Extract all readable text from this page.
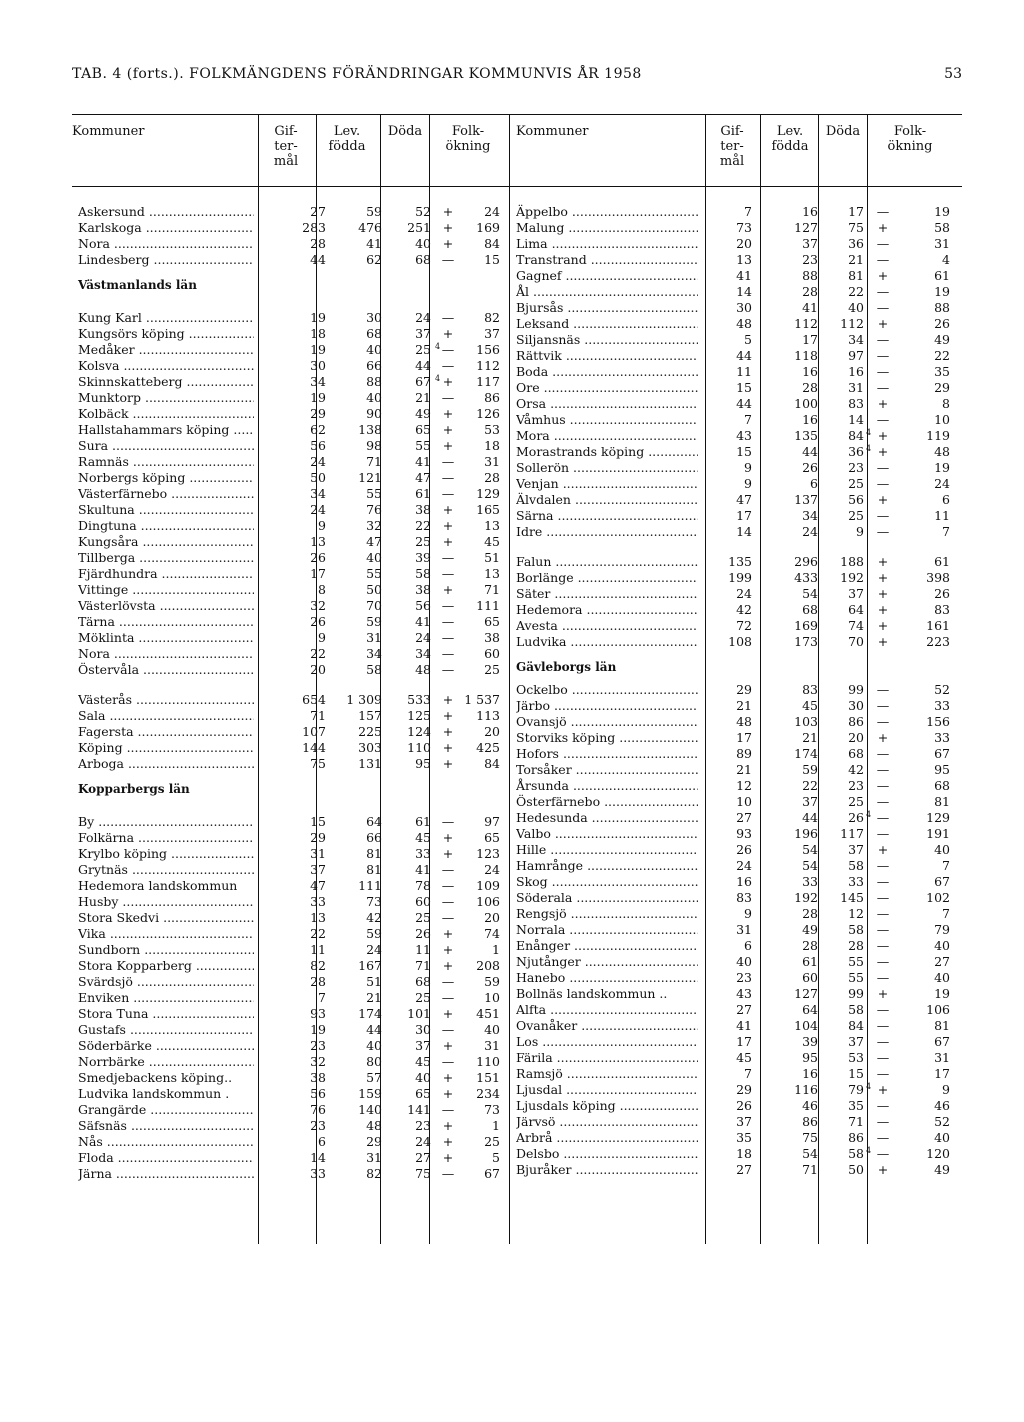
TAB. 4 (forts.). FOLKMÄNGDENS FÖRÄNDRINGAR KOMMUNVIS ÅR 1958	53
Kommuner	Gif-
ter-
mål
Lev.
födda
Döda	Folk-
ökning
Kommuner	Gif-
ter-
mål
Lev.
födda
Döda	Folk-
ökning
Askersund .....	27	59	52 +	24
Karlskoga .....	283	476	251 +	169
Nora .....	28	41	40 +	84
Lindesberg .....	44	62	68 —	15
Västmanlands län
Kung Karl .....	19	30	24 —	82
Kungsörs köping .....	18	68	37 +	37
Medåker .....	19	40	25 4 —	156
Kolsva .....	30	66	44 —	112
Skinnskatteberg .....	34	88	67 4 +	117
Munktorp .....	19	40	21 —	86
Kolbäck .....	29	90	49 +	126
Hallstahammars köping .....	62	138	65 +	53
Sura .....	56	98	55 +	18
Ramnäs .....	24	71	41 —	31
Norbergs köping .....	50	121	47 —	28
Västerfärnebo .....	34	55	61 —	129
Skultuna .....	24	76	38 +	165
Dingtuna .....	9	32	22 +	13
Kungsåra .....	13	47	25 +	45
Tillberga .....	26	40	39 —	51
Fjärdhundra .....	17	55	58 —	13
Vittinge .....	8	50	38 +	71
Västerlövsta .....	32	70	56 —	111
Tärna .....	26	59	41 —	65
Möklinta .....	9	31	24 —	38
Nora .....	22	34	34 —	60
Östervåla .....	20	58	48 —	25
Västerås .....	654	1 309	533 + 1 537
Sala .....	71	157	125 +	113
Fagersta .....	107	225	124 +	20
Köping .....	144	303	110 +	425
Arboga .....	75	131	95 +	84
Kopparbergs län
By .....	15	64	61 —	97
Folkärna .....	29	66	45 +	65
Krylbo köping .....	31	81	33 +	123
Grytnäs .....	37	81	41 —	24
Hedemora landskommun	47	111	78 —	109
Husby .....	33	73	60 —	106
Stora Skedvi .....	13	42	25 —	20
Vika .....	22	59	26 +	74
Sundborn .....	11	24	11 +	1
Stora Kopparberg .....	82	167	71 +	208
Svärdsjö .....	28	51	68 —	59
Enviken .....	7	21	25 —	10
Stora Tuna .....	93	174	101 +	451
Gustafs .....	19	44	30 —	40
Söderbärke .....	23	40	37 +	31
Norrbärke .....	32	80	45 —	110
Smedjebackens köping..	38	57	40 +	151
Ludvika landskommun .	56	159	65 +	234
Grangärde .....	76	140	141 —	73
Säfsnäs .....	23	48	23 +	1
Nås .....	6	29	24 +	25
Floda .....	14	31	27 +	5
Järna .....	33	82	75 —	67
Äppelbo .....	7	16	17	—	19
Malung .....	73	127	75	+	58
Lima .....	20	37	36	—	31
Transtrand .....	13	23	21	—	4
Gagnef .....	41	88	81	+	61
Ål .....	14	28	22	—	19
Bjursås .....	30	41	40	—	88
Leksand .....	48	112	112	+	26
Siljansnäs .....	5	17	34	—	49
Rättvik .....	44	118	97	—	22
Boda .....	11	16	16	—	35
Ore .....	15	28	31	—	29
Orsa .....	44	100	83	+	8
Våmhus .....	7	16	14	—	10
Mora .....	43	135	84 4 +	119
Morastrands köping .....	15	44	36 4 +	48
Sollerön .....	9	26	23	—	19
Venjan .....	9	6	25	—	24
Älvdalen .....	47	137	56	+	6
Särna .....	17	34	25	—	11
Idre .....	14	24	9	—	7
Falun .....	135	296	188	+	61
Borlänge .....	199	433	192	+	398
Säter .....	24	54	37	+	26
Hedemora .....	42	68	64	+	83
Avesta .....	72	169	74	+	161
Ludvika .....	108	173	70	+	223
Gävleborgs län
Ockelbo .....	29	83	99	—	52
Järbo .....	21	45	30	—	33
Ovansjö .....	48	103	86	—	156
Storviks köping .....	17	21	20	+	33
Hofors .....	89	174	68	—	67
Torsåker .....	21	59	42	—	95
Årsunda .....	12	22	23	—	68
Österfärnebo .....	10	37	25	—	81
Hedesunda .....	27	44	26 4 —	129
Valbo .....	93	196	117	—	191
Hille .....	26	54	37	+	40
Hamrånge .....	24	54	58	—	7
Skog .....	16	33	33	—	67
Söderala .....	83	192	145	—	102
Rengsjö .....	9	28	12	—	7
Norrala .....	31	49	58	—	79
Enånger .....	6	28	28	—	40
Njutånger .....	40	61	55	—	27
Hanebo .....	23	60	55	—	40
Bollnäs landskommun ..	43	127	99	+	19
Alfta .....	27	64	58	—	106
Ovanåker .....	41	104	84	—	81
Los .....	17	39	37	—	67
Färila .....	45	95	53	—	31
Ramsjö .....	7	16	15	—	17
Ljusdal .....	29	116	79 4 +	9
Ljusdals köping .....	26	46	35	—	46
Järvsö .....	37	86	71	—	52
Arbrå .....	35	75	86	—	40
Delsbo .....	18	54	58 4 —	120
Bjuråker .....	27	71	50	+	49
